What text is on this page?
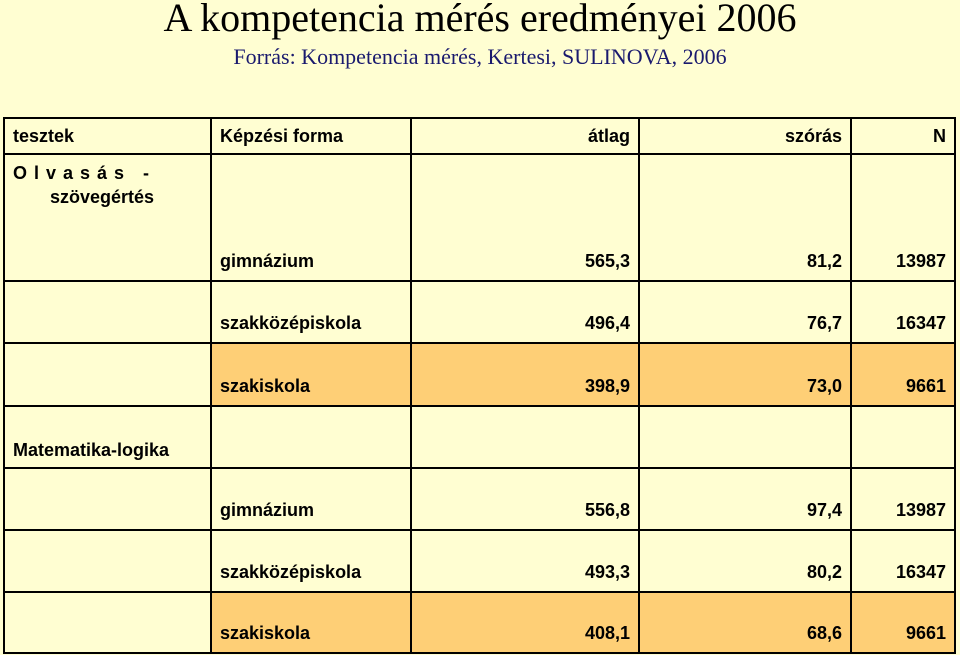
A kompetencia mérés eredményei 2006
Forrás: Kompetencia mérés, Kertesi, SULINOVA, 2006
tesztek	Képzési forma	átlag	szórás	N

Olvasás -
szövegértés	gimnázium	565,3	81,2	13987
	szakközépiskola	496,4	76,7	16347
	szakiskola	398,9	73,0	9661
Matematika-logika				
	gimnázium	556,8	97,4	13987
	szakközépiskola	493,3	80,2	16347
	szakiskola	408,1	68,6	9661
